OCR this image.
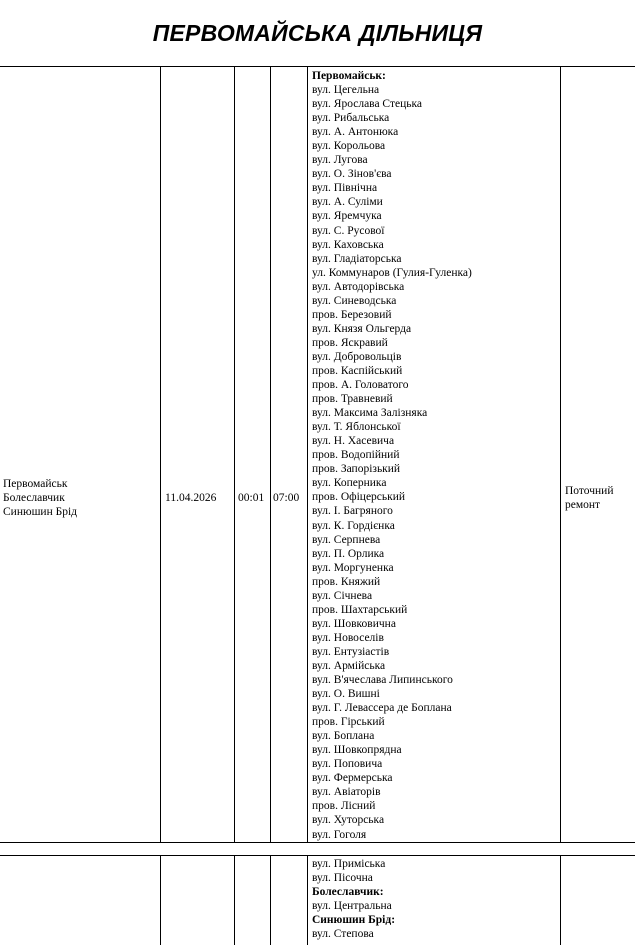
ПЕРВОМАЙСЬКА ДІЛЬНИЦЯ
Первомайськ
Болеславчик
Синюшин Брід
11.04.2026 00:01 07:00
Поточний
ремонт
Первомайськ:
вул. Цегельна
вул. Ярослава Стецька
вул. Рибальська
вул. А. Антонюка
вул. Корольова
вул. Лугова
вул. О. Зінов'єва
вул. Північна
вул. А. Суліми
вул. Яремчука
вул. С. Русової
вул. Каховська
вул. Гладіаторська
ул. Коммунаров (Гулия-Гуленка)
вул. Автодорівська
вул. Синеводська
пров. Березовий
вул. Князя Ольгерда
пров. Яскравий
вул. Добровольців
пров. Каспійський
пров. А. Головатого
пров. Травневий
вул. Максима Залізняка
вул. Т. Яблонської
вул. Н. Хасевича
пров. Водопійний
пров. Запорізький
вул. Коперника
пров. Офіцерський
вул. І. Багряного
вул. К. Гордієнка
вул. Серпнева
вул. П. Орлика
вул. Моргуненка
пров. Княжий
вул. Січнева
пров. Шахтарський
вул. Шовковична
вул. Новоселів
вул. Ентузіастів
вул. Армійська
вул. В'ячеслава Липинського
вул. О. Вишні
вул. Г. Левассера де Боплана
пров. Гірський
вул. Боплана
вул. Шовкопрядна
вул. Поповича
вул. Фермерська
вул. Авіаторів
пров. Лісний
вул. Хуторська
вул. Гоголя
вул. Приміська
вул. Пісочна
Болеславчик:
вул. Центральна
Синюшин Брід:
вул. Степова
